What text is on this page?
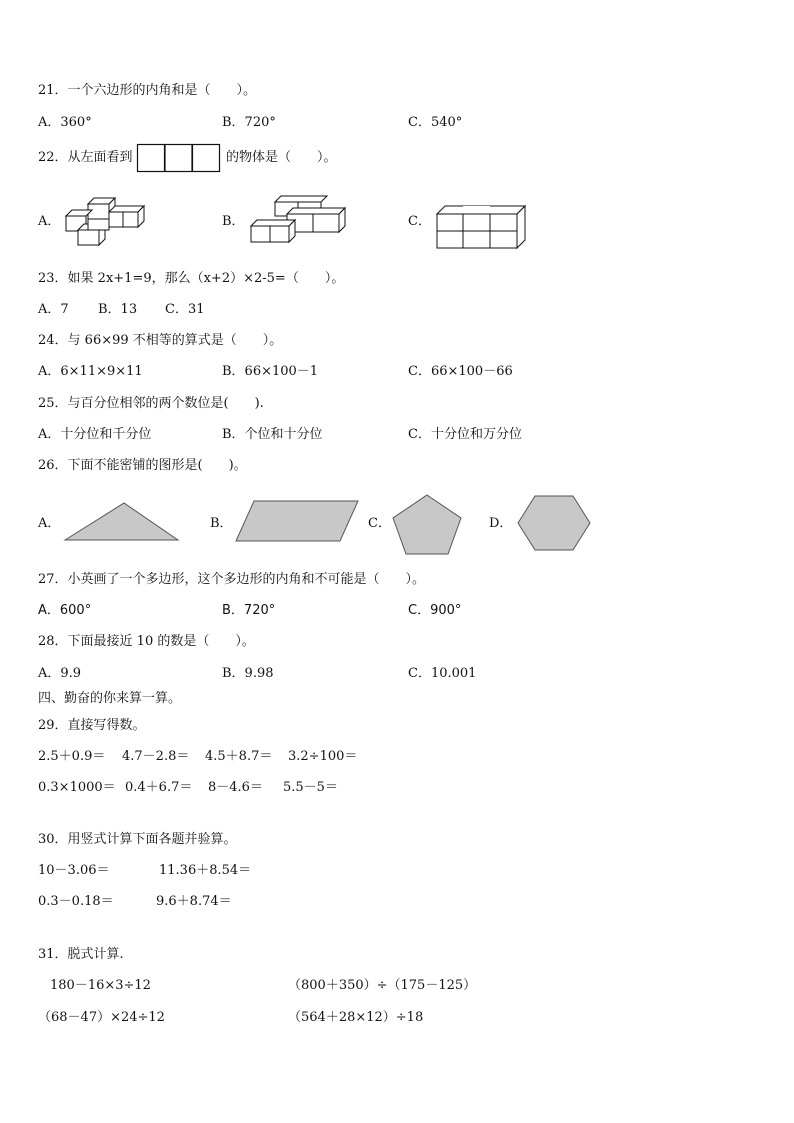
21．一个六边形的内角和是（　　）。
A．360°	B．720°	C．540°
22．从左面看到	的物体是（　　）。
A．	B．	C．
23．如果 2x+1=9，那么（x+2）×2-5=（　　）。
A．7 B．13 C．31
24．与 66×99 不相等的算式是（　　）。
A．6×11×9×11	B．66×100－1	C．66×100－66
25．与百分位相邻的两个数位是(　　).
A．十分位和千分位	B．个位和十分位	C．十分位和万分位
26．下面不能密铺的图形是(　　)。
A．	B．	C．	D．
27．小英画了一个多边形，这个多边形的内角和不可能是（　　）。
A．600°	B．720°	C．900°
28．下面最接近 10 的数是（　　）。
A．9.9	B．9.98	C．10.001
四、勤奋的你来算一算。
29．直接写得数。
2.5＋0.9＝ 4.7－2.8＝ 4.5＋8.7＝ 3.2÷100＝
0.3×1000＝ 0.4＋6.7＝ 8－4.6＝ 5.5－5＝
30．用竖式计算下面各题并验算。
10－3.06＝	11.36＋8.54＝
0.3－0.18＝	9.6＋8.74＝
31．脱式计算.
180－16×3÷12	（800＋350）÷（175－125）
（68－47）×24÷12	（564＋28×12）÷18
